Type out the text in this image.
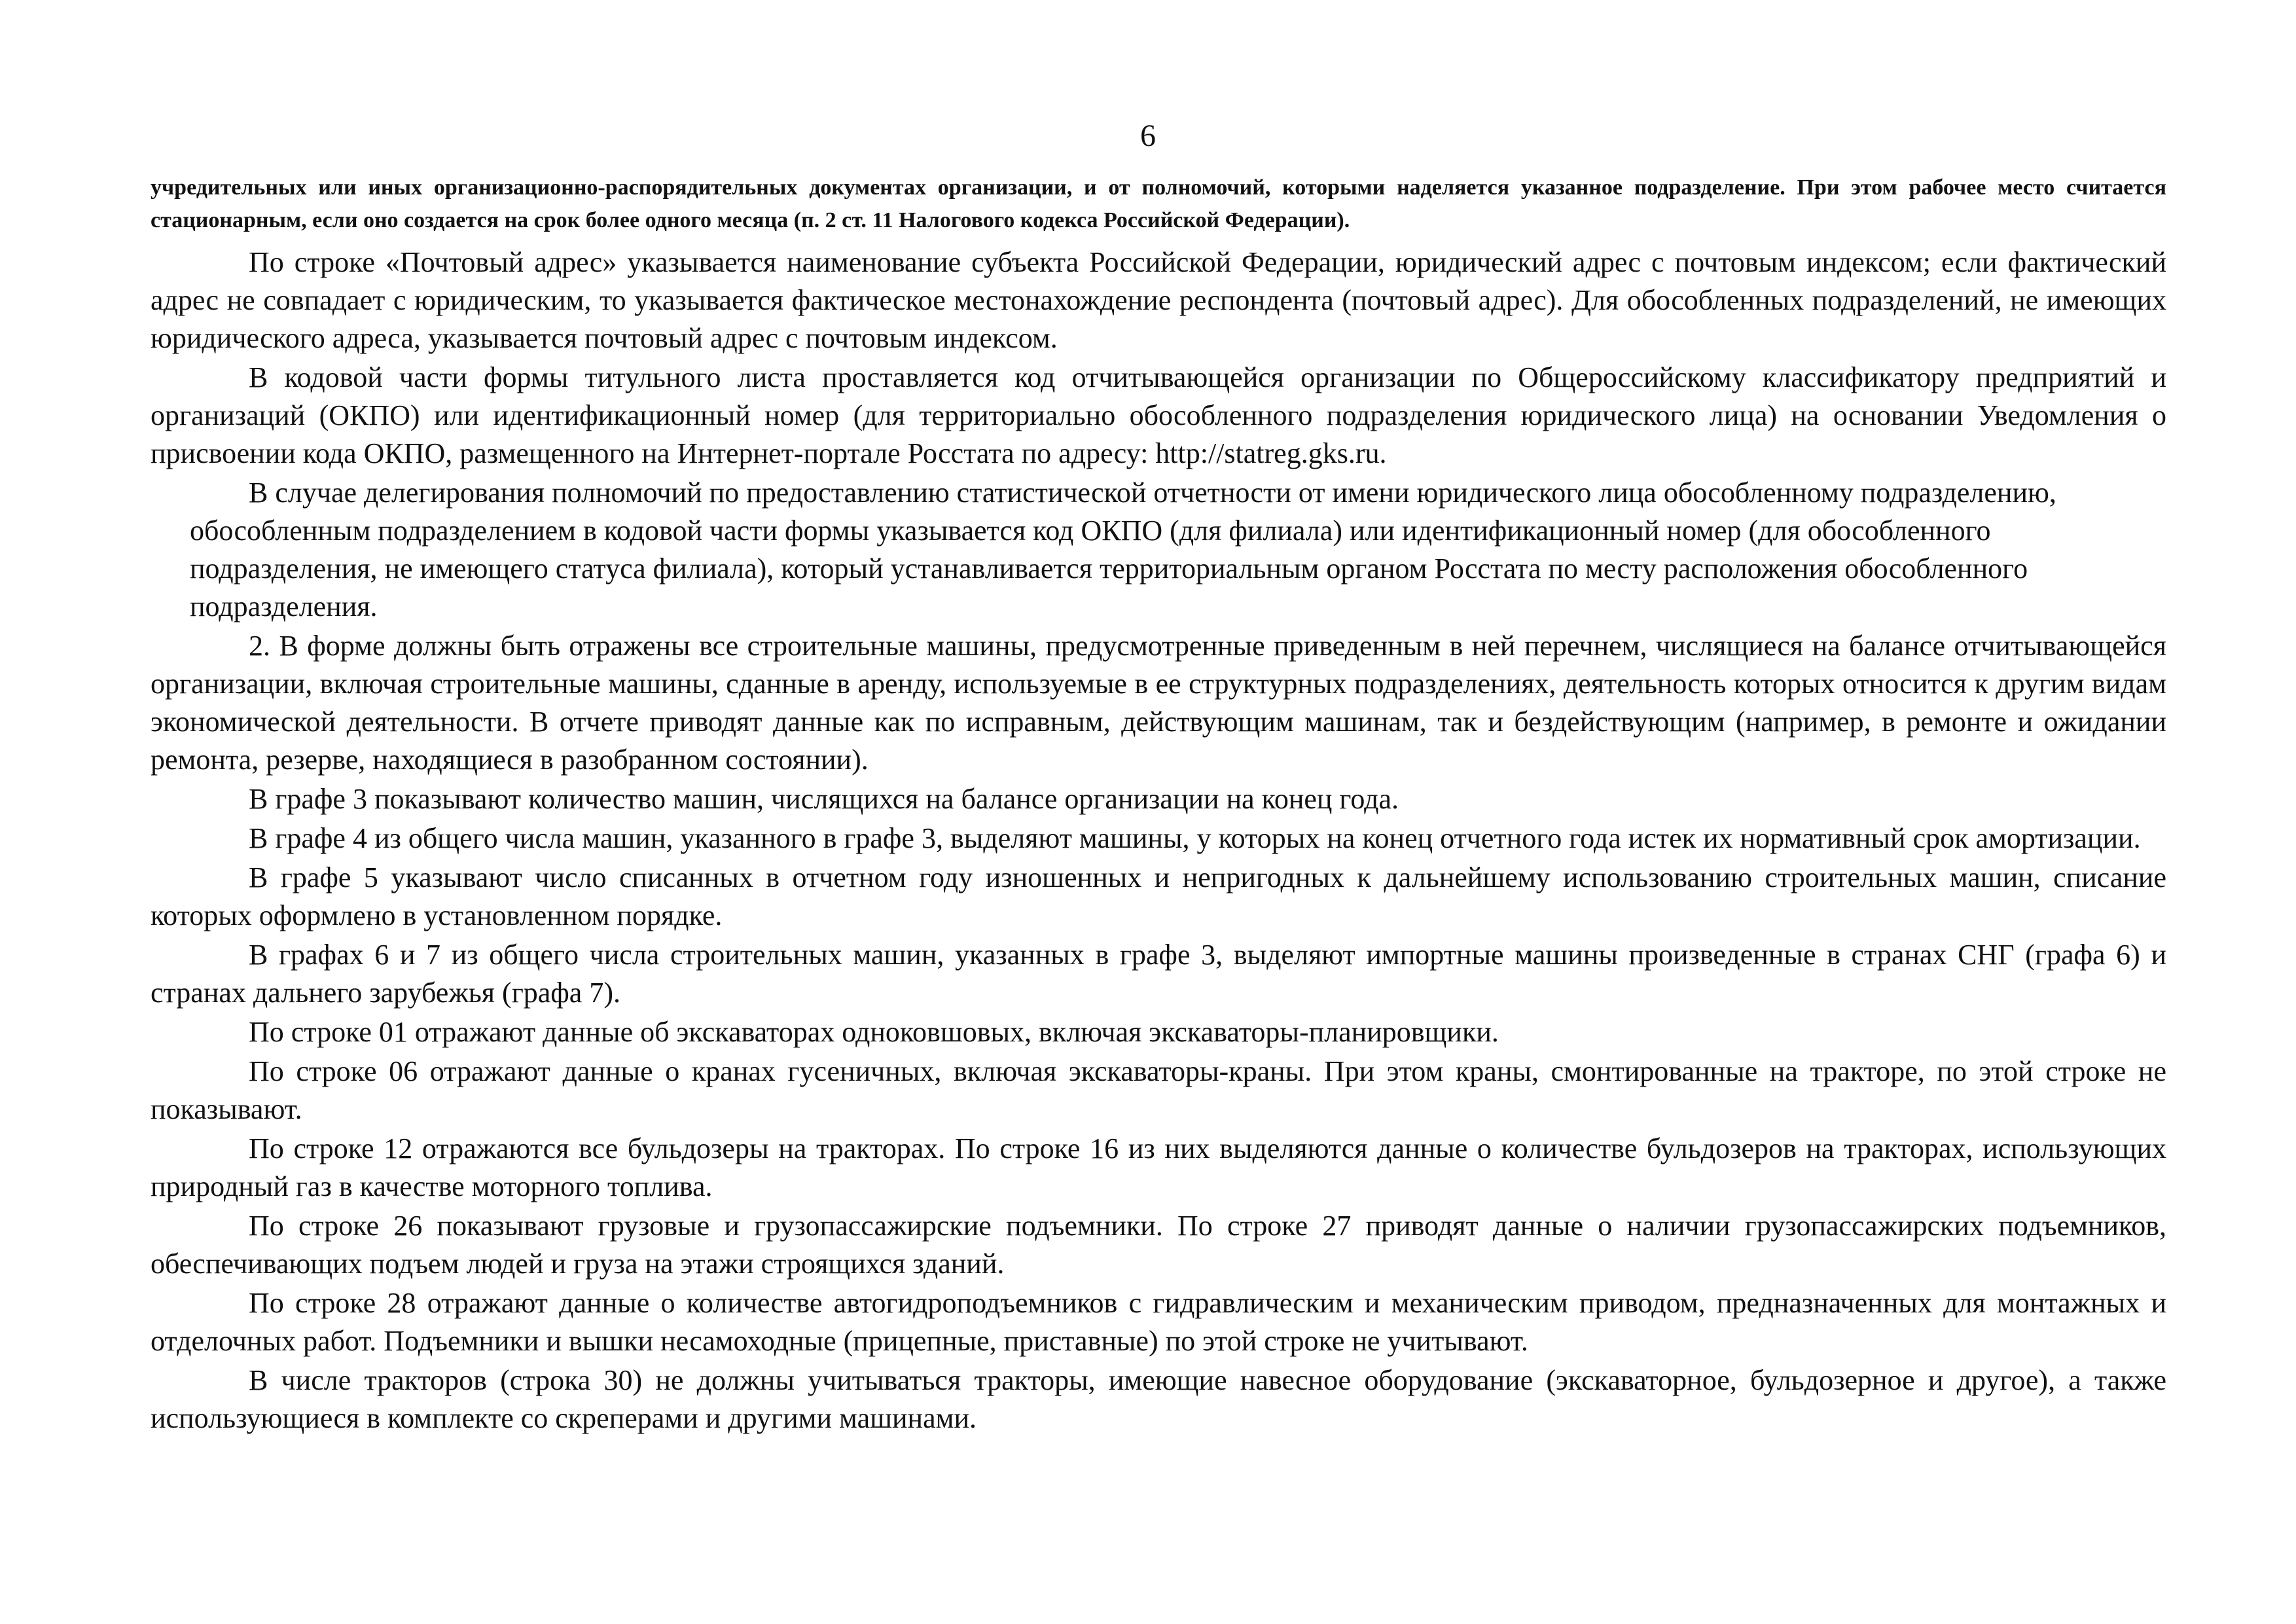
6

учредительных или иных организационно-распорядительных документах организации, и от полномочий, которыми наделяется указанное подразделение. При этом рабочее место считается стационарным, если оно создается на срок более одного месяца (п. 2 ст. 11 Налогового кодекса Российской Федерации).

По строке «Почтовый адрес» указывается наименование субъекта Российской Федерации, юридический адрес с почтовым индексом; если фактический адрес не совпадает с юридическим, то указывается фактическое местонахождение респондента (почтовый адрес). Для обособленных подразделений, не имеющих юридического адреса, указывается почтовый адрес с почтовым индексом.

В кодовой части формы титульного листа проставляется код отчитывающейся организации по Общероссийскому классификатору предприятий и организаций (ОКПО) или идентификационный номер (для территориально обособленного подразделения юридического лица) на основании Уведомления о присвоении кода ОКПО, размещенного на Интернет-портале Росстата по адресу: http://statreg.gks.ru.

В случае делегирования полномочий по предоставлению статистической отчетности от имени юридического лица обособленному подразделению, обособленным подразделением в кодовой части формы указывается код ОКПО (для филиала) или идентификационный номер (для обособленного подразделения, не имеющего статуса филиала), который устанавливается территориальным органом Росстата по месту расположения обособленного подразделения.

2. В форме должны быть отражены все строительные машины, предусмотренные приведенным в ней перечнем, числящиеся на балансе отчитывающейся организации, включая строительные машины, сданные в аренду, используемые в ее структурных подразделениях, деятельность которых относится к другим видам экономической деятельности. В отчете приводят данные как по исправным, действующим машинам, так и бездействующим (например, в ремонте и ожидании ремонта, резерве, находящиеся в разобранном состоянии).

В графе 3 показывают количество машин, числящихся на балансе организации на конец года.

В графе 4 из общего числа машин, указанного в графе 3, выделяют машины, у которых на конец отчетного года истек их нормативный срок амортизации.

В графе 5 указывают число списанных в отчетном году изношенных и непригодных к дальнейшему использованию строительных машин, списание которых оформлено в установленном порядке.

В графах 6 и 7 из общего числа строительных машин, указанных в графе 3, выделяют импортные машины произведенные в странах СНГ (графа 6) и странах дальнего зарубежья (графа 7).

По строке 01 отражают данные об экскаваторах одноковшовых, включая экскаваторы-планировщики.

По строке 06 отражают данные о кранах гусеничных, включая экскаваторы-краны. При этом краны, смонтированные на тракторе, по этой строке не показывают.

По строке 12 отражаются все бульдозеры на тракторах. По строке 16 из них выделяются данные о количестве бульдозеров на тракторах, использующих природный газ в качестве моторного топлива.

По строке 26 показывают грузовые и грузопассажирские подъемники. По строке 27 приводят данные о наличии грузопассажирских подъемников, обеспечивающих подъем людей и груза на этажи строящихся зданий.

По строке 28 отражают данные о количестве автогидроподъемников с гидравлическим и механическим приводом, предназначенных для монтажных и отделочных работ. Подъемники и вышки несамоходные (прицепные, приставные) по этой строке не учитывают.

В числе тракторов (строка 30) не должны учитываться тракторы, имеющие навесное оборудование (экскаваторное, бульдозерное и другое), а также использующиеся в комплекте со скреперами и другими машинами.
